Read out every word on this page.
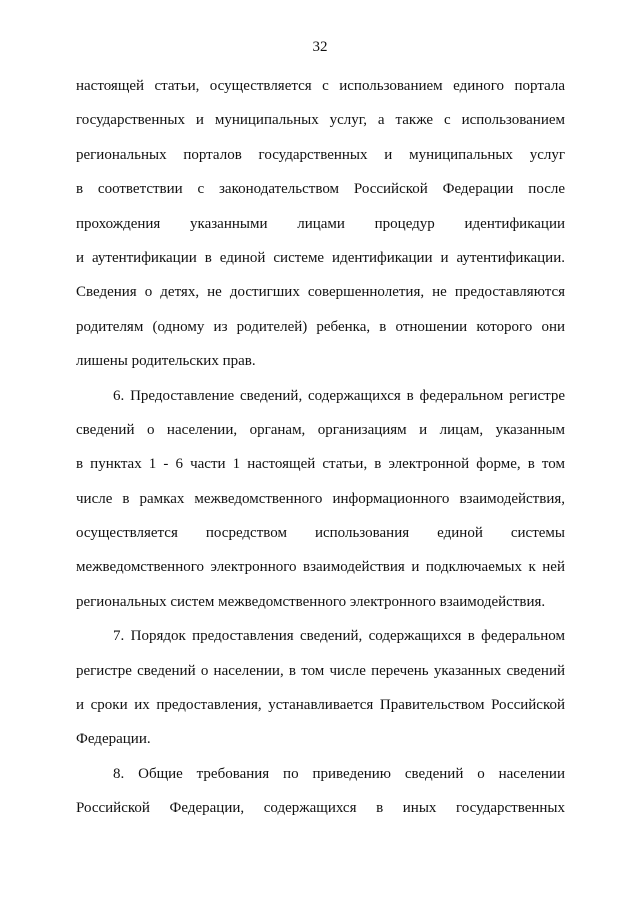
32
настоящей статьи, осуществляется с использованием единого портала
государственных и муниципальных услуг, а также с использованием
региональных порталов государственных и муниципальных услуг
в соответствии с законодательством Российской Федерации после
прохождения указанными лицами процедур идентификации
и аутентификации в единой системе идентификации и аутентификации.
Сведения о детях, не достигших совершеннолетия, не предоставляются
родителям (одному из родителей) ребенка, в отношении которого они
лишены родительских прав.
6. Предоставление сведений, содержащихся в федеральном регистре
сведений о населении, органам, организациям и лицам, указанным
в пунктах 1 - 6 части 1 настоящей статьи, в электронной форме, в том
числе в рамках межведомственного информационного взаимодействия,
осуществляется посредством использования единой системы
межведомственного электронного взаимодействия и подключаемых к ней
региональных систем межведомственного электронного взаимодействия.
7. Порядок предоставления сведений, содержащихся в федеральном
регистре сведений о населении, в том числе перечень указанных сведений
и сроки их предоставления, устанавливается Правительством Российской
Федерации.
8. Общие требования по приведению сведений о населении
Российской Федерации, содержащихся в иных государственных
